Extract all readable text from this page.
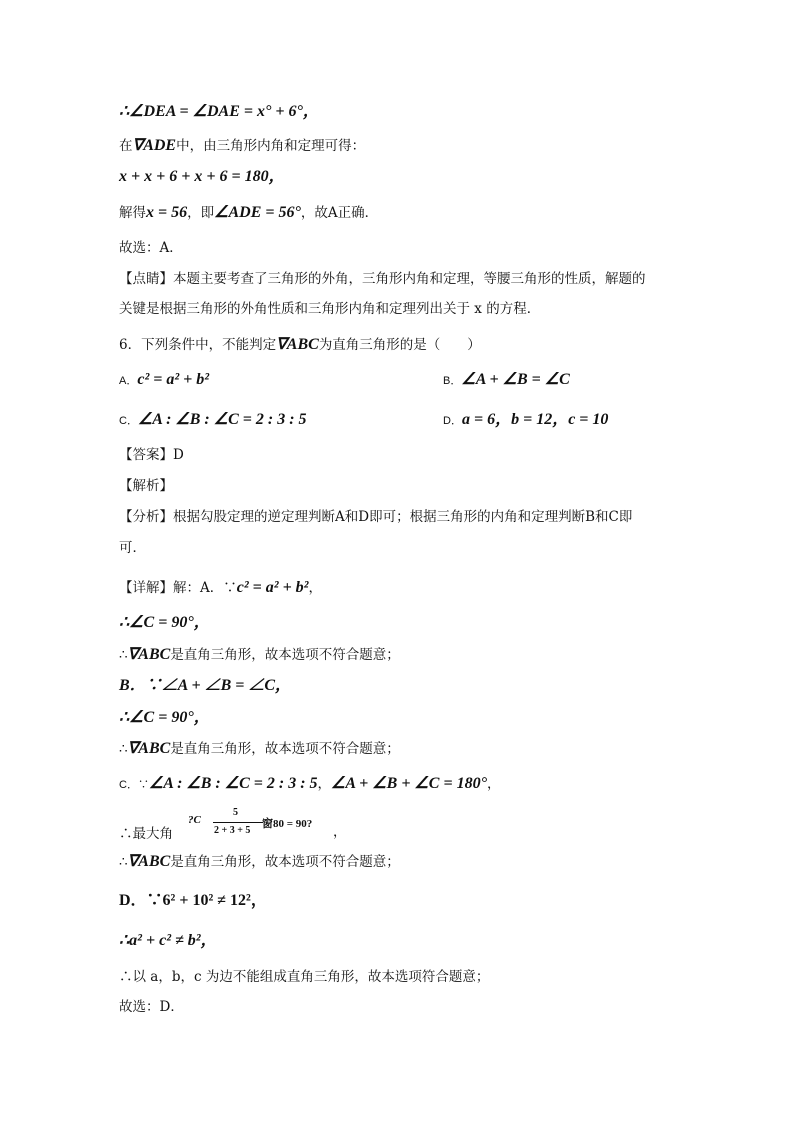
∴∠DEA = ∠DAE = x° + 6°，
在∇ADE中，由三角形内角和定理可得：
x + x + 6 + x + 6 = 180，
解得x = 56，即∠ADE = 56°，故A正确．
故选：A．
【点睛】本题主要考查了三角形的外角，三角形内角和定理，等腰三角形的性质，解题的
关键是根据三角形的外角性质和三角形内角和定理列出关于 x 的方程．
6．下列条件中，不能判定∇ABC为直角三角形的是（　　）
A．c² = a² + b²	B．∠A + ∠B = ∠C
C．∠A : ∠B : ∠C = 2 : 3 : 5	D．a = 6，b = 12，c = 10
【答案】D
【解析】
【分析】根据勾股定理的逆定理判断A和D即可；根据三角形的内角和定理判断B和C即
可．
【详解】解：A．∵c² = a² + b²，
∴∠C = 90°，
∴∇ABC是直角三角形，故本选项不符合题意；
B．∵∠A + ∠B = ∠C，
∴∠C = 90°，
∴∇ABC是直角三角形，故本选项不符合题意；
C．∵∠A : ∠B : ∠C = 2 : 3 : 5，∠A + ∠B + ∠C = 180°，
∴最大角
?C
5
2 + 3 + 5
窗80 = 90? ，
∴∇ABC是直角三角形，故本选项不符合题意；
D．∵6² + 10² ≠ 12²，
∴a² + c² ≠ b²，
∴以 a，b，c 为边不能组成直角三角形，故本选项符合题意；
故选：D．
